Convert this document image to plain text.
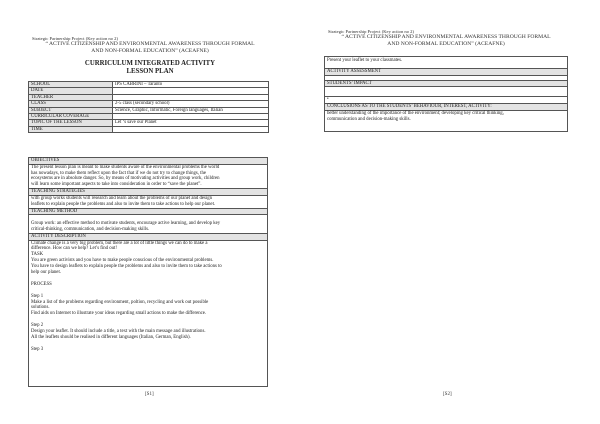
Strategic Partnership Project (Key action no 2)
“ ACTIVE CITIZENSHIP AND ENVIRONMENTAL AWARENESS THROUGH FORMAL
AND NON-FORMAL EDUCATION” (ACEAFNE)
CURRICULUM INTEGRATED ACTIVITY
LESSON PLAN
SCHOOL	IPS CABRINI – Taranto
DATE	
TEACHER	
CLASS	2-5 class (secondary school)
SUBJECT	Science, Graphic, Informatic, Foreign languages, Italian
CURRICULAR COVERAGE	
TOPIC OF THE LESSON	Let ‘s save our Planet
TIME	
OBJECTIVES
The present lesson plan is meant to make students aware of the environmental problems the world
has nowadays, to make them reflect upon the fact that if we do not try to change things, the
ecosystems are in absolute danger. So, by means of motivating activities and group work, children
will learn some important aspects to take into consideration in order to “save the planet”.
TEACHING STRATEGIES
with group works students will research and learn about the problems of our planet and design
leaflets to explain people the problems and also to invite them to take actions to help our planet.
TEACHING METHOD
Group work: an effective method to motivate students, encourage active learning, and develop key
critical-thinking, communication, and decision-making skills.
ACTIVITY DESCRIPTION
Climate change is a very big problem, but there are a lot of little things we can do to make a
difference. How can we help? Let’s find out!
TASK
You are green activists and you have to make people conscious of the environmental problems.
You have to design leaflets to explain people the problems and also to invite them to take actions to
help our planet.
PROCESS
Step 1
Make a list of the problems regarding environment, poltion, recycling and work out possible
solutions.
Find aids on Internet to illustrate your ideas regarding small actions to make the difference.
Step 2
Design your leaflet. It should include a title, a text with the main message and illustrations.
All the leaflets should be realised in different languages (Italian, German, English).
Step 3
[S1]
Strategic Partnership Project (Key action no 2)
“ ACTIVE CITIZENSHIP AND ENVIRONMENTAL AWARENESS THROUGH FORMAL
AND NON-FORMAL EDUCATION” (ACEAFNE)
Present your leaflet to your classmates.
ACTIVITY ASSESSMENT
STUDENTS’ IMPACT
•
CONCLUSIONS AS TO THE STUDENTS’ BEHAVIOUR, INTEREST, ACTIVITY:
better understanding of the importance of the environment; developing key critical thinking,
communication and decision-making skills.
[S2]
